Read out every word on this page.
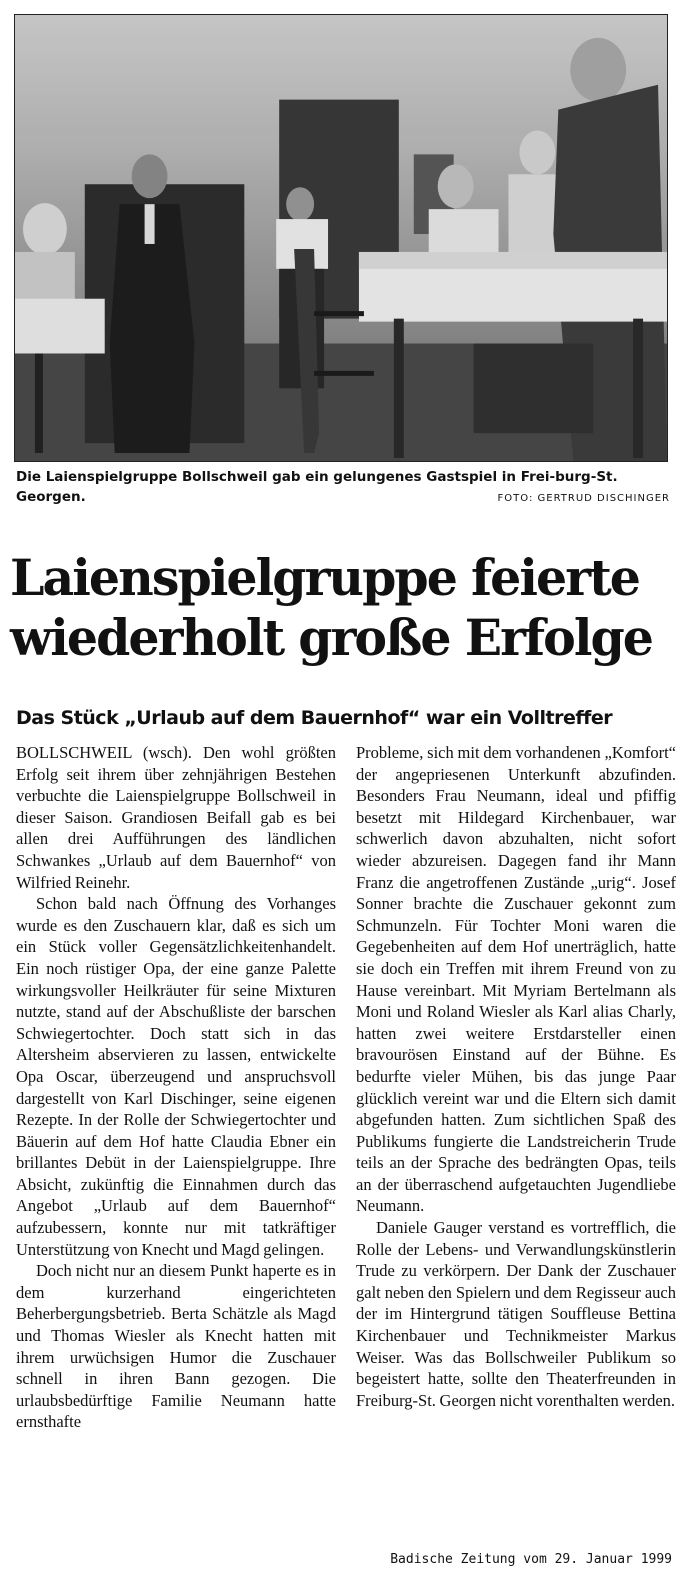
Die Laienspielgruppe Bollschweil gab ein gelungenes Gastspiel in Frei-burg-St. Georgen.	FOTO: GERTRUD DISCHINGER
Laienspielgruppe feierte wiederholt große Erfolge
Das Stück „Urlaub auf dem Bauernhof“ war ein Volltreffer

BOLLSCHWEIL (wsch). Den wohl größten Erfolg seit ihrem über zehnjährigen Bestehen verbuchte die Laienspielgruppe Bollschweil in dieser Saison. Grandiosen Beifall gab es bei allen drei Aufführungen des ländlichen Schwankes „Urlaub auf dem Bauernhof“ von Wilfried Reinehr.

Schon bald nach Öffnung des Vorhanges wurde es den Zuschauern klar, daß es sich um ein Stück voller Gegensätzlichkeitenhandelt. Ein noch rüstiger Opa, der eine ganze Palette wirkungsvoller Heilkräuter für seine Mixturen nutzte, stand auf der Abschußliste der barschen Schwiegertochter. Doch statt sich in das Altersheim abservieren zu lassen, entwickelte Opa Oscar, überzeugend und anspruchsvoll dargestellt von Karl Dischinger, seine eigenen Rezepte. In der Rolle der Schwiegertochter und Bäuerin auf dem Hof hatte Claudia Ebner ein brillantes Debüt in der Laienspielgruppe. Ihre Absicht, zukünftig die Einnahmen durch das Angebot „Urlaub auf dem Bauernhof“ aufzubessern, konnte nur mit tatkräftiger Unterstützung von Knecht und Magd gelingen.

Doch nicht nur an diesem Punkt haperte es in dem kurzerhand eingerichteten Beherbergungsbetrieb. Berta Schätzle als Magd und Thomas Wiesler als Knecht hatten mit ihrem urwüchsigen Humor die Zuschauer schnell in ihren Bann gezogen. Die urlaubsbedürftige Familie Neumann hatte ernsthafte

Probleme, sich mit dem vorhandenen „Komfort“ der angepriesenen Unterkunft abzufinden. Besonders Frau Neumann, ideal und pfiffig besetzt mit Hildegard Kirchenbauer, war schwerlich davon abzuhalten, nicht sofort wieder abzureisen. Dagegen fand ihr Mann Franz die angetroffenen Zustände „urig“. Josef Sonner brachte die Zuschauer gekonnt zum Schmunzeln. Für Tochter Moni waren die Gegebenheiten auf dem Hof unerträglich, hatte sie doch ein Treffen mit ihrem Freund von zu Hause vereinbart. Mit Myriam Bertelmann als Moni und Roland Wiesler als Karl alias Charly, hatten zwei weitere Erstdarsteller einen bravourösen Einstand auf der Bühne. Es bedurfte vieler Mühen, bis das junge Paar glücklich vereint war und die Eltern sich damit abgefunden hatten. Zum sichtlichen Spaß des Publikums fungierte die Landstreicherin Trude teils an der Sprache des bedrängten Opas, teils an der überraschend aufgetauchten Jugendliebe Neumann.

Daniele Gauger verstand es vortrefflich, die Rolle der Lebens- und Verwandlungskünstlerin Trude zu verkörpern. Der Dank der Zuschauer galt neben den Spielern und dem Regisseur auch der im Hintergrund tätigen Souffleuse Bettina Kirchenbauer und Technikmeister Markus Weiser. Was das Bollschweiler Publikum so begeistert hatte, sollte den Theaterfreunden in Freiburg-St. Georgen nicht vorenthalten werden.

Badische Zeitung vom 29. Januar 1999
